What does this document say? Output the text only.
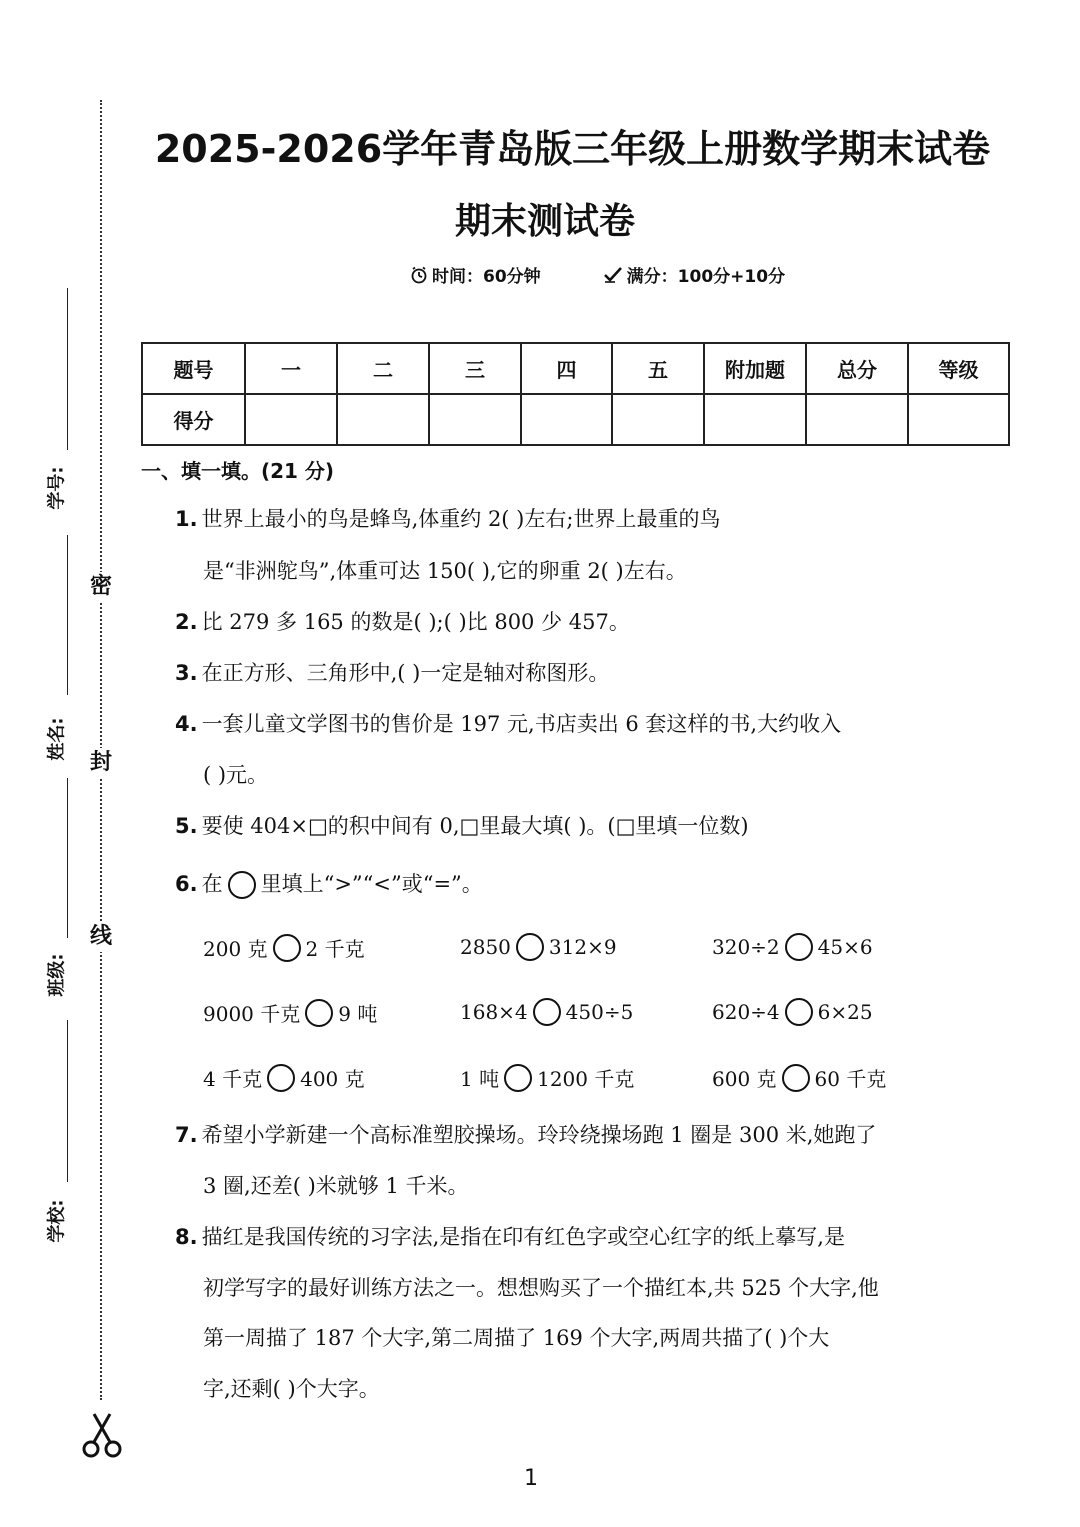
密
封
线
学号:
姓名:
班级:
学校:
2025-2026学年青岛版三年级上册数学期末试卷
期末测试卷
时间：60分钟	满分：100分+10分
题号	一	二	三	四	五	附加题	总分	等级
得分								
一、填一填。(21 分)
1. 世界上最小的鸟是蜂鸟,体重约 2( )左右;世界上最重的鸟
是“非洲鸵鸟”,体重可达 150( ),它的卵重 2( )左右。
2. 比 279 多 165 的数是( );( )比 800 少 457。
3. 在正方形、三角形中,( )一定是轴对称图形。
4. 一套儿童文学图书的售价是 197 元,书店卖出 6 套这样的书,大约收入
( )元。
5. 要使 404×□的积中间有 0,□里最大填( )。(□里填一位数)
6. 在 里填上“>”“<”或“=”。
200 克 2 千克	2850 312×9	320÷2 45×6
9000 千克 9 吨	168×4 450÷5	620÷4 6×25
4 千克 400 克	1 吨 1200 千克	600 克 60 千克
7. 希望小学新建一个高标准塑胶操场。玲玲绕操场跑 1 圈是 300 米,她跑了
3 圈,还差( )米就够 1 千米。
8. 描红是我国传统的习字法,是指在印有红色字或空心红字的纸上摹写,是
初学写字的最好训练方法之一。想想购买了一个描红本,共 525 个大字,他
第一周描了 187 个大字,第二周描了 169 个大字,两周共描了( )个大
字,还剩( )个大字。
1
